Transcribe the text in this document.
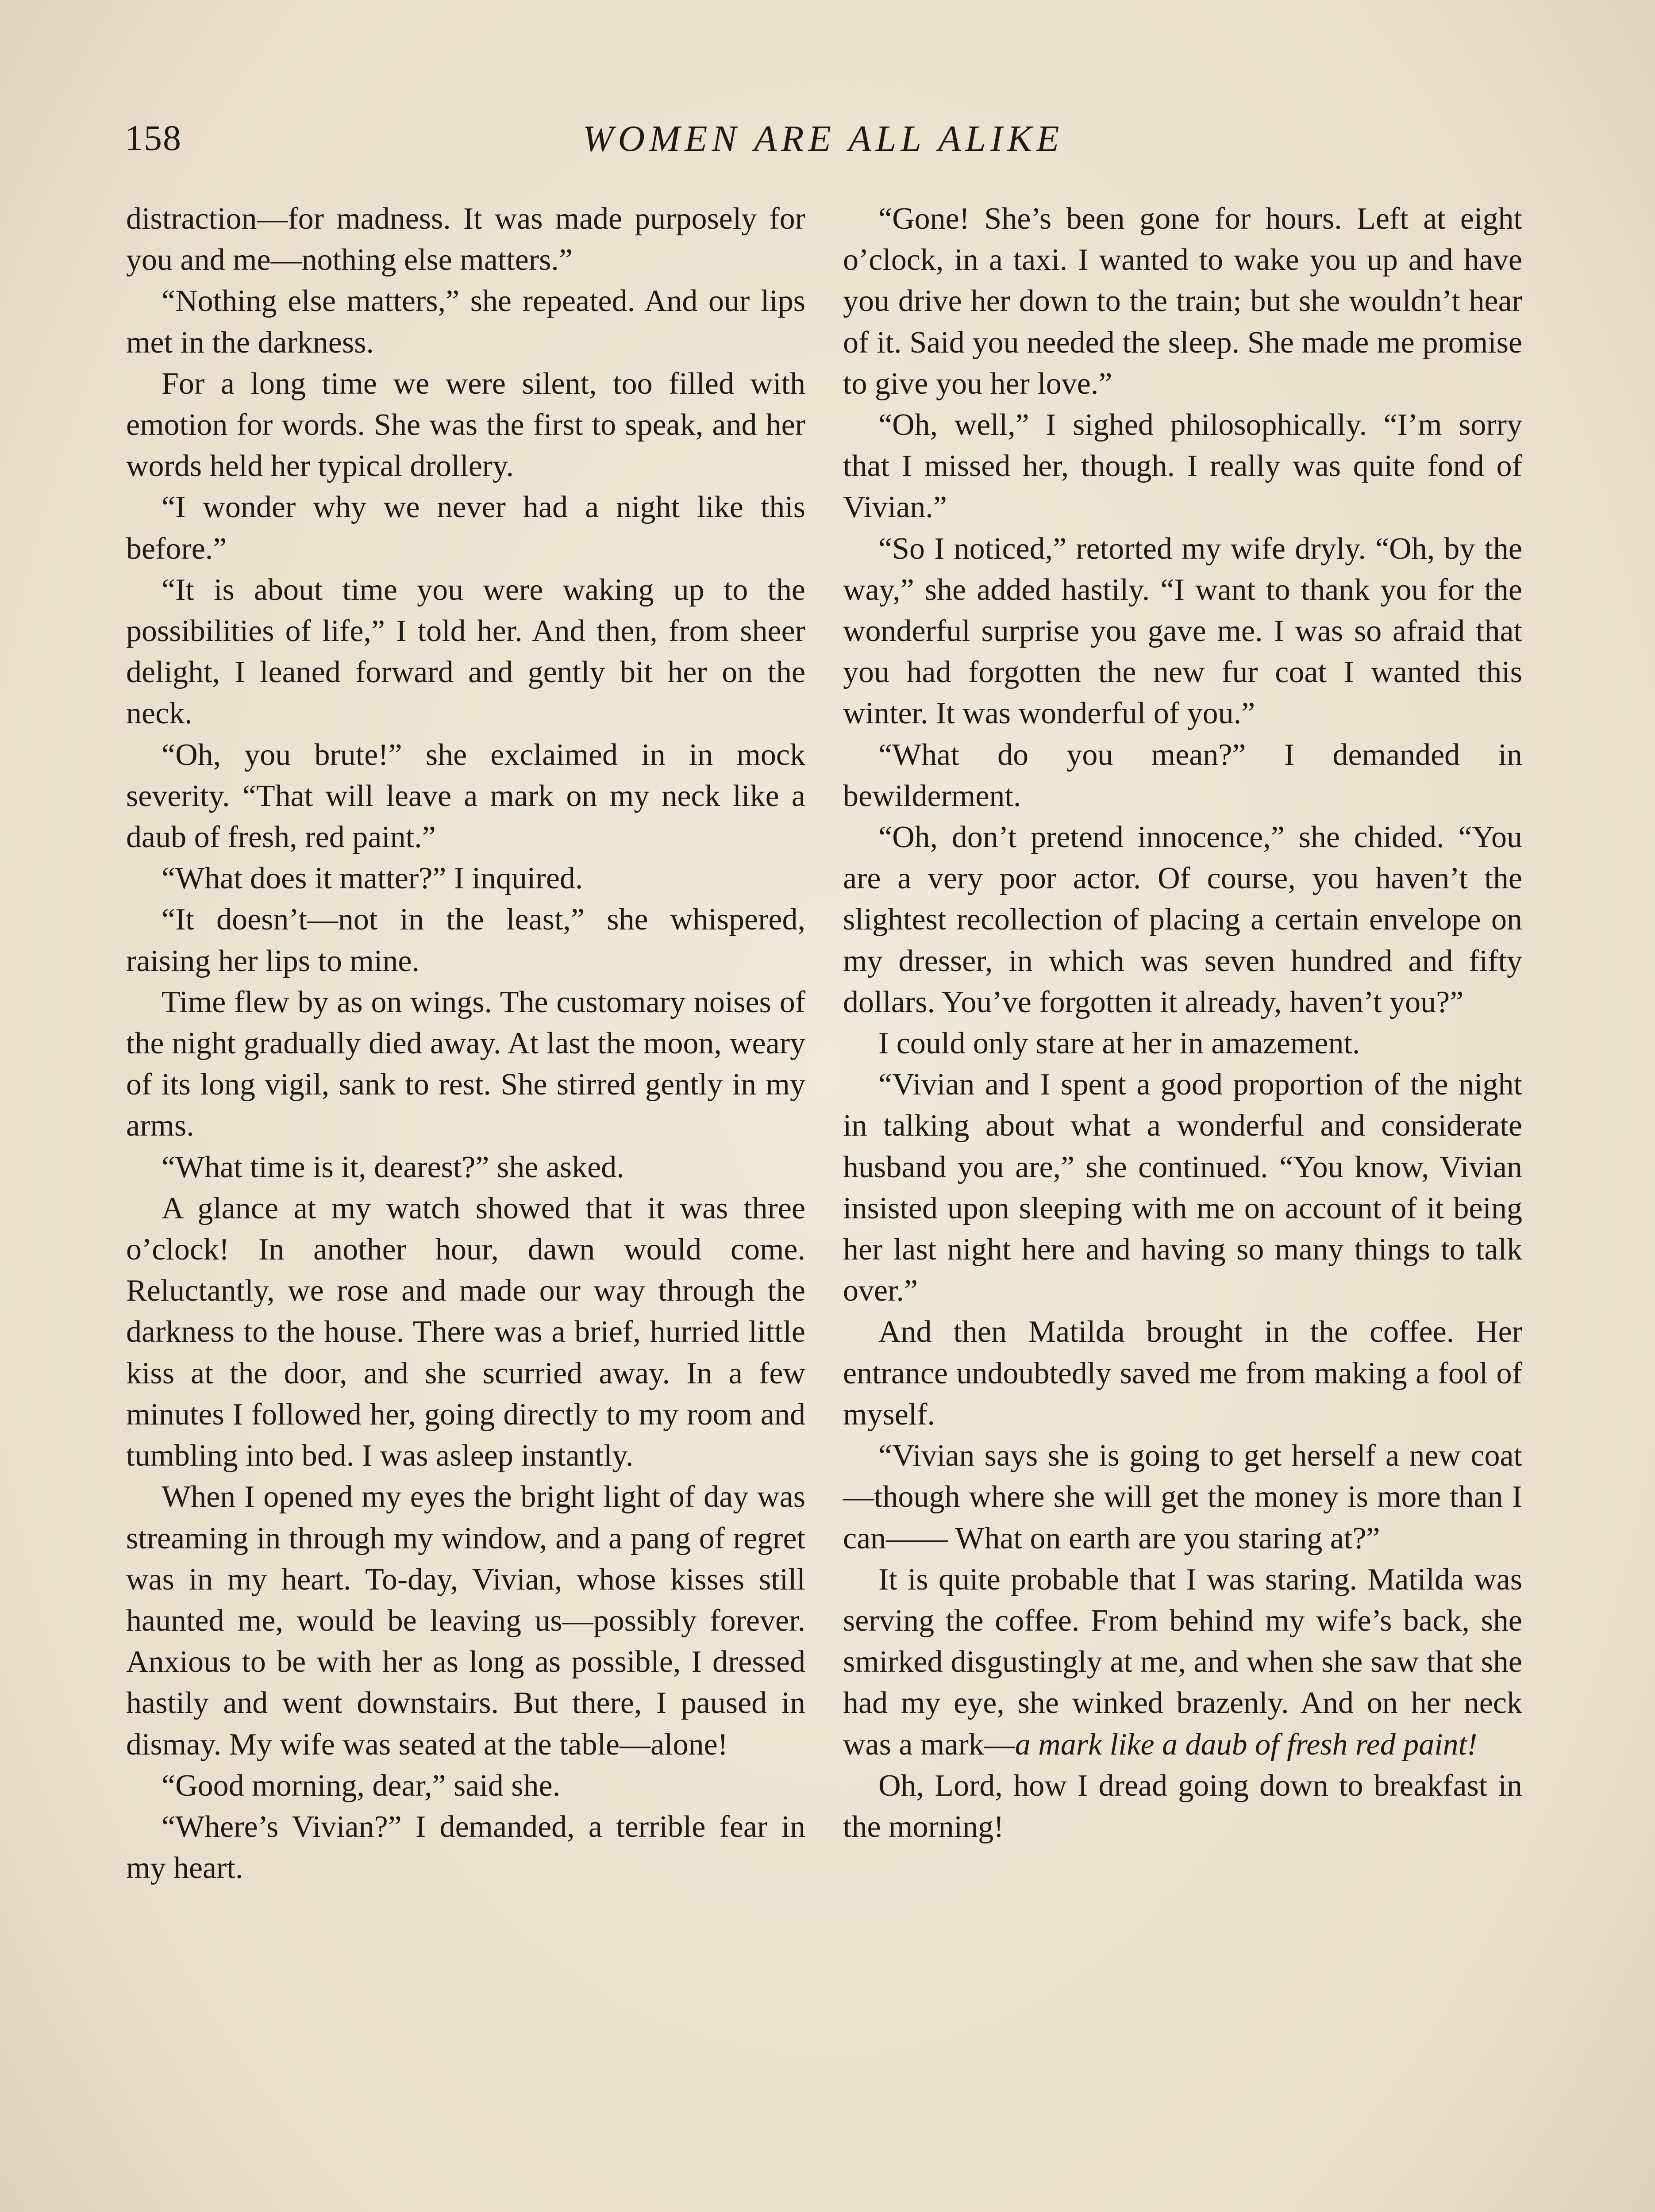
158	WOMEN ARE ALL ALIKE

distraction—for madness. It was made purposely for you and me—nothing else matters.”

“Nothing else matters,” she repeated. And our lips met in the darkness.

For a long time we were silent, too filled with emotion for words. She was the first to speak, and her words held her typical drollery.

“I wonder why we never had a night like this before.”

“It is about time you were waking up to the possibilities of life,” I told her. And then, from sheer delight, I leaned forward and gently bit her on the neck.

“Oh, you brute!” she exclaimed in in mock severity. “That will leave a mark on my neck like a daub of fresh, red paint.”

“What does it matter?” I inquired.

“It doesn’t—not in the least,” she whispered, raising her lips to mine.

Time flew by as on wings. The customary noises of the night gradually died away. At last the moon, weary of its long vigil, sank to rest. She stirred gently in my arms.

“What time is it, dearest?” she asked.

A glance at my watch showed that it was three o’clock! In another hour, dawn would come. Reluctantly, we rose and made our way through the darkness to the house. There was a brief, hurried little kiss at the door, and she scurried away. In a few minutes I followed her, going directly to my room and tumbling into bed. I was asleep instantly.

When I opened my eyes the bright light of day was streaming in through my window, and a pang of regret was in my heart. To-day, Vivian, whose kisses still haunted me, would be leaving us—possibly forever. Anxious to be with her as long as possible, I dressed hastily and went downstairs. But there, I paused in dismay. My wife was seated at the table—alone!

“Good morning, dear,” said she.

“Where’s Vivian?” I demanded, a terrible fear in my heart.

“Gone! She’s been gone for hours. Left at eight o’clock, in a taxi. I wanted to wake you up and have you drive her down to the train; but she wouldn’t hear of it. Said you needed the sleep. She made me promise to give you her love.”

“Oh, well,” I sighed philosophically. “I’m sorry that I missed her, though. I really was quite fond of Vivian.”

“So I noticed,” retorted my wife dryly. “Oh, by the way,” she added hastily. “I want to thank you for the wonderful surprise you gave me. I was so afraid that you had forgotten the new fur coat I wanted this winter. It was wonderful of you.”

“What do you mean?” I demanded in bewilderment.

“Oh, don’t pretend innocence,” she chided. “You are a very poor actor. Of course, you haven’t the slightest recollection of placing a certain envelope on my dresser, in which was seven hundred and fifty dollars. You’ve forgotten it already, haven’t you?”

I could only stare at her in amazement.

“Vivian and I spent a good proportion of the night in talking about what a wonderful and considerate husband you are,” she continued. “You know, Vivian insisted upon sleeping with me on account of it being her last night here and having so many things to talk over.”

And then Matilda brought in the coffee. Her entrance undoubtedly saved me from making a fool of myself.

“Vivian says she is going to get herself a new coat—though where she will get the money is more than I can—— What on earth are you staring at?”

It is quite probable that I was staring. Matilda was serving the coffee. From behind my wife’s back, she smirked disgustingly at me, and when she saw that she had my eye, she winked brazenly. And on her neck was a mark—a mark like a daub of fresh red paint!

Oh, Lord, how I dread going down to breakfast in the morning!
